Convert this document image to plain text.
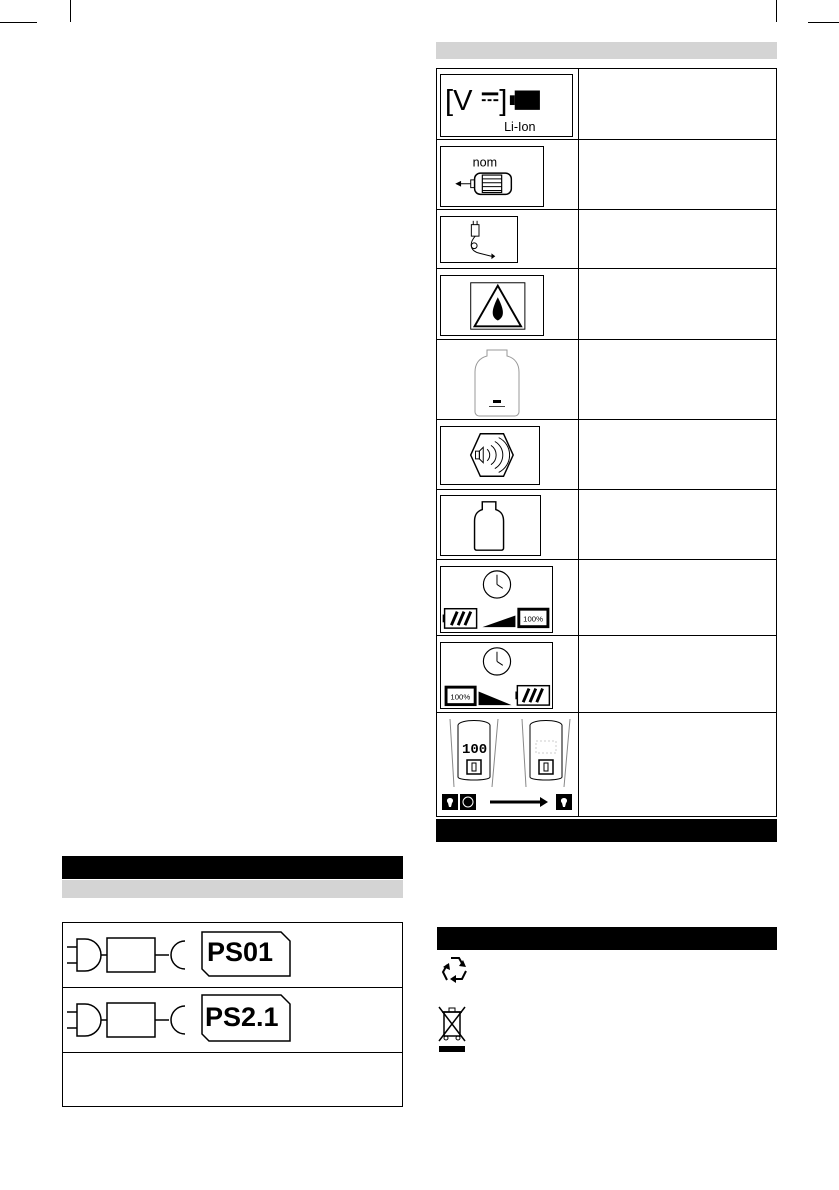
[V ]
Li-Ion
nom
100%
100%
100
PS01
PS2.1
